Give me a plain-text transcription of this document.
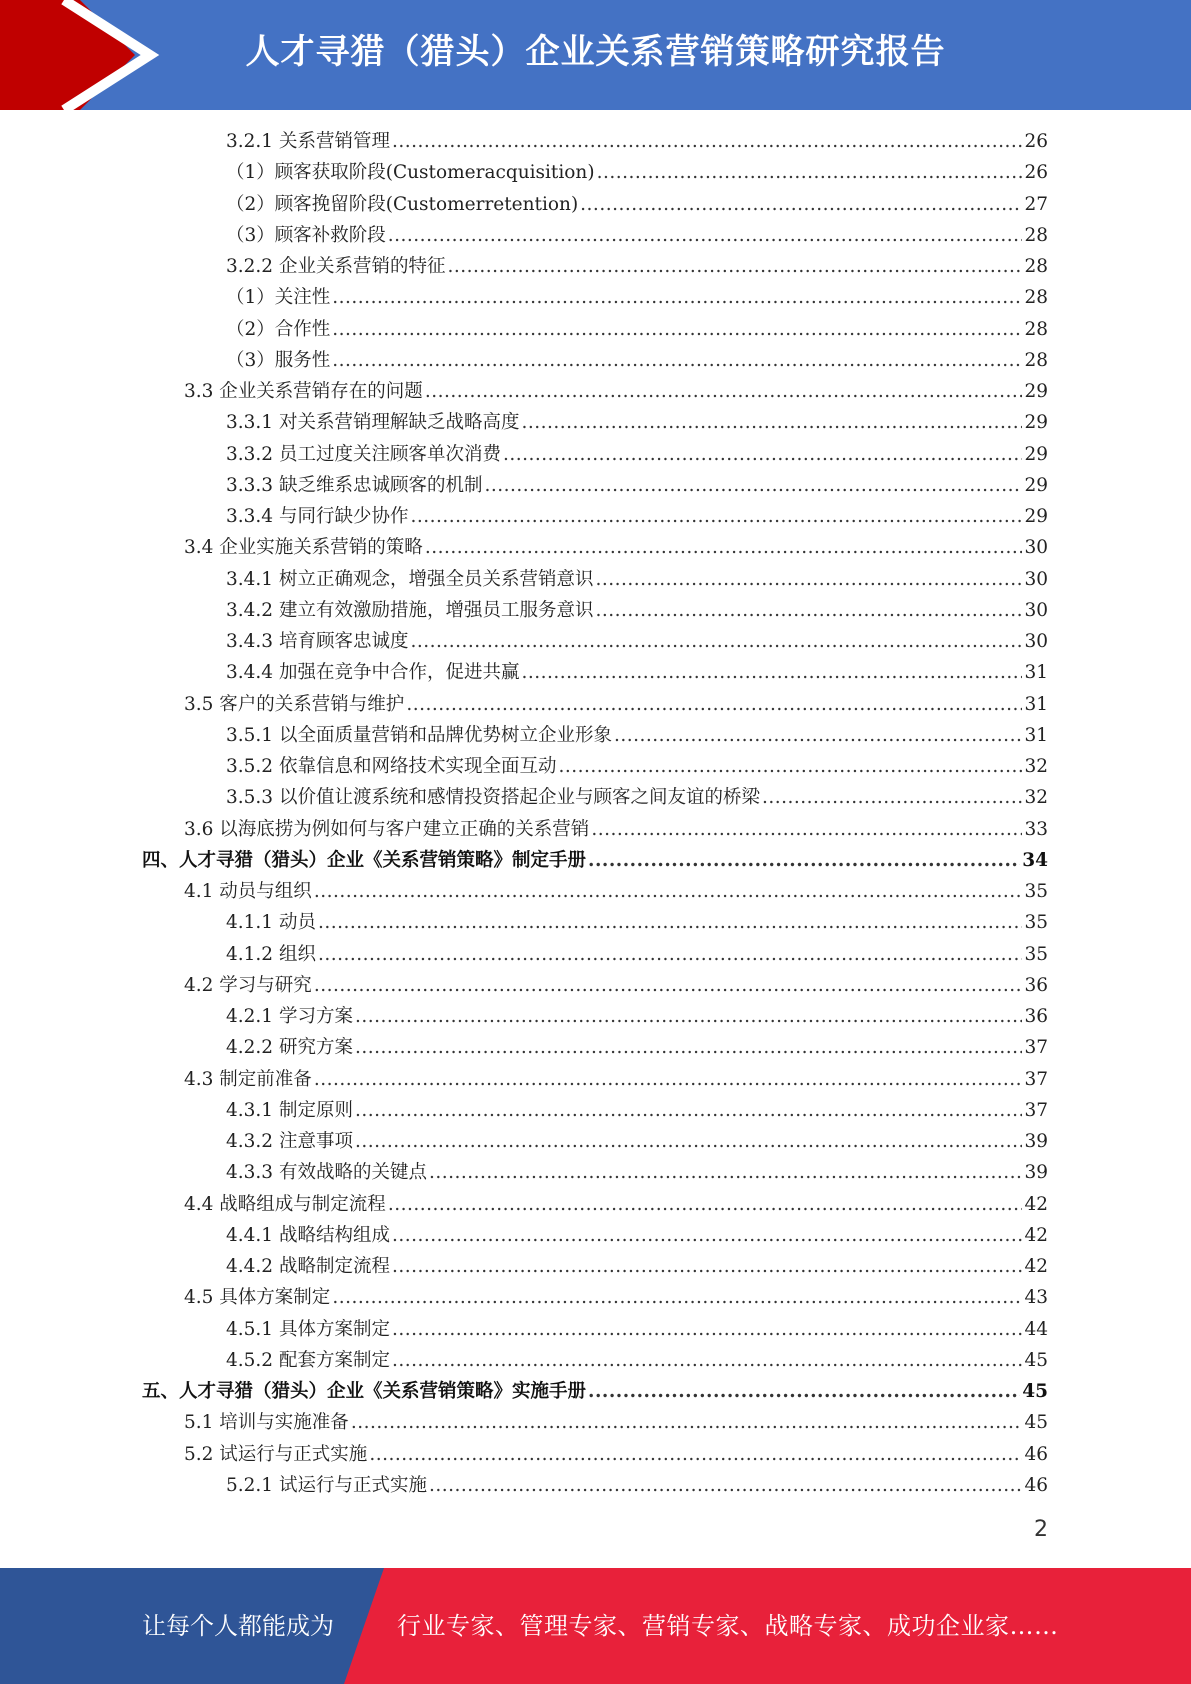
人才寻猎（猎头）企业关系营销策略研究报告
3.2.1 关系营销管理 .....	26
（1）顾客获取阶段(Customeracquisition) .....	26
（2）顾客挽留阶段(Customerretention) .....	27
（3）顾客补救阶段 .....	28
3.2.2 企业关系营销的特征 .....	28
（1）关注性 .....	28
（2）合作性 .....	28
（3）服务性 .....	28
3.3 企业关系营销存在的问题 .....	29
3.3.1 对关系营销理解缺乏战略高度 .....	29
3.3.2 员工过度关注顾客单次消费 .....	29
3.3.3 缺乏维系忠诚顾客的机制 .....	29
3.3.4 与同行缺少协作 .....	29
3.4 企业实施关系营销的策略 .....	30
3.4.1 树立正确观念，增强全员关系营销意识 .....	30
3.4.2 建立有效激励措施，增强员工服务意识 .....	30
3.4.3 培育顾客忠诚度 .....	30
3.4.4 加强在竞争中合作，促进共赢 .....	31
3.5 客户的关系营销与维护 .....	31
3.5.1 以全面质量营销和品牌优势树立企业形象 .....	31
3.5.2 依靠信息和网络技术实现全面互动 .....	32
3.5.3 以价值让渡系统和感情投资搭起企业与顾客之间友谊的桥梁 .....	32
3.6 以海底捞为例如何与客户建立正确的关系营销 .....	33
四、人才寻猎（猎头）企业《关系营销策略》制定手册 .....	34
4.1 动员与组织 .....	35
4.1.1 动员 .....	35
4.1.2 组织 .....	35
4.2 学习与研究 .....	36
4.2.1 学习方案 .....	36
4.2.2 研究方案 .....	37
4.3 制定前准备 .....	37
4.3.1 制定原则 .....	37
4.3.2 注意事项 .....	39
4.3.3 有效战略的关键点 .....	39
4.4 战略组成与制定流程 .....	42
4.4.1 战略结构组成 .....	42
4.4.2 战略制定流程 .....	42
4.5 具体方案制定 .....	43
4.5.1 具体方案制定 .....	44
4.5.2 配套方案制定 .....	45
五、人才寻猎（猎头）企业《关系营销策略》实施手册 .....	45
5.1 培训与实施准备 .....	45
5.2 试运行与正式实施 .....	46
5.2.1 试运行与正式实施 .....	46
2
让每个人都能成为	行业专家、管理专家、营销专家、战略专家、成功企业家……
